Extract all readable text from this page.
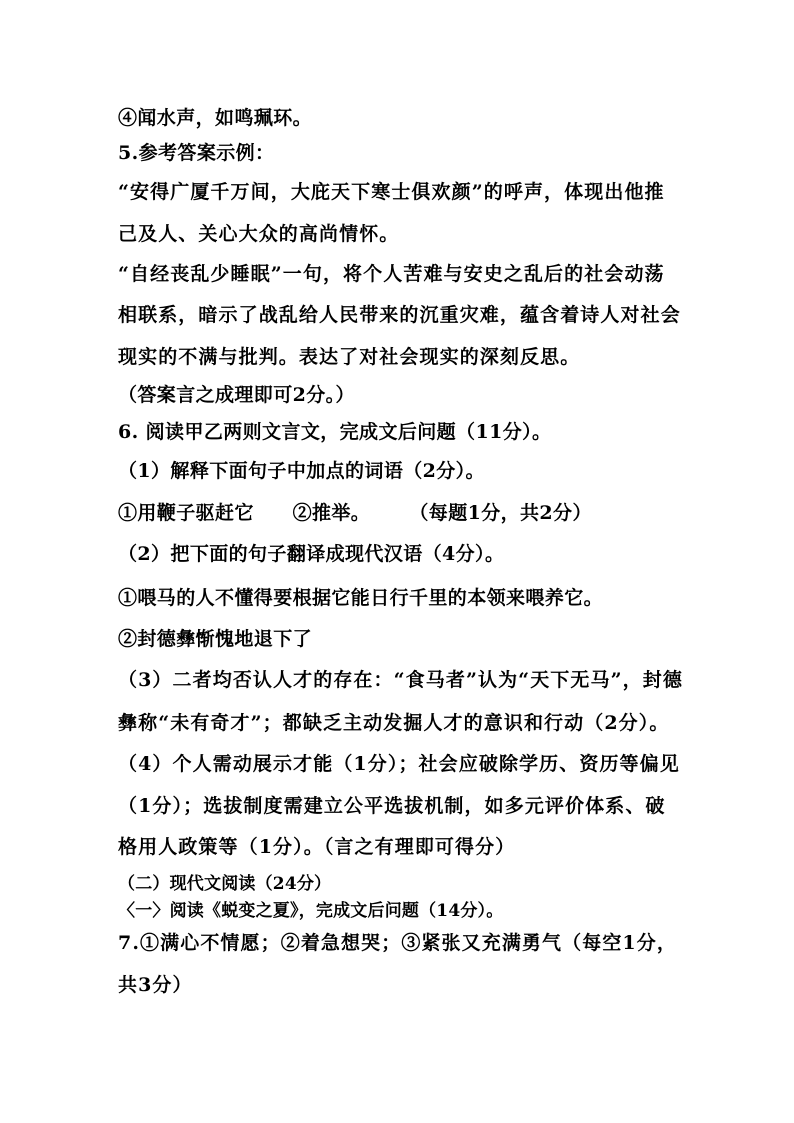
④闻水声，如鸣珮环。
5.参考答案示例：
“安得广厦千万间，大庇天下寒士俱欢颜”的呼声，体现出他推
己及人、关心大众的高尚情怀。
“自经丧乱少睡眠”一句，将个人苦难与安史之乱后的社会动荡
相联系，暗示了战乱给人民带来的沉重灾难，蕴含着诗人对社会
现实的不满与批判。表达了对社会现实的深刻反思。
（答案言之成理即可2分。）
6. 阅读甲乙两则文言文，完成文后问题（11分）。
（1）解释下面句子中加点的词语（2分）。
①用鞭子驱赶它　　②推举。　　　（每题1分，共2分）
（2）把下面的句子翻译成现代汉语（4分）。
①喂马的人不懂得要根据它能日行千里的本领来喂养它。
②封德彝惭愧地退下了
（3）二者均否认人才的存在：“食马者”认为“天下无马”，封德
彝称“未有奇才”；都缺乏主动发掘人才的意识和行动（2分）。
（4）个人需动展示才能（1分）；社会应破除学历、资历等偏见
（1分）；选拔制度需建立公平选拔机制，如多元评价体系、破
格用人政策等（1分）。（言之有理即可得分）
（二）现代文阅读（24分）
〈一〉阅读《蜕变之夏》，完成文后问题（14分）。
7.①满心不情愿；②着急想哭；③紧张又充满勇气（每空1分，
共3分）
